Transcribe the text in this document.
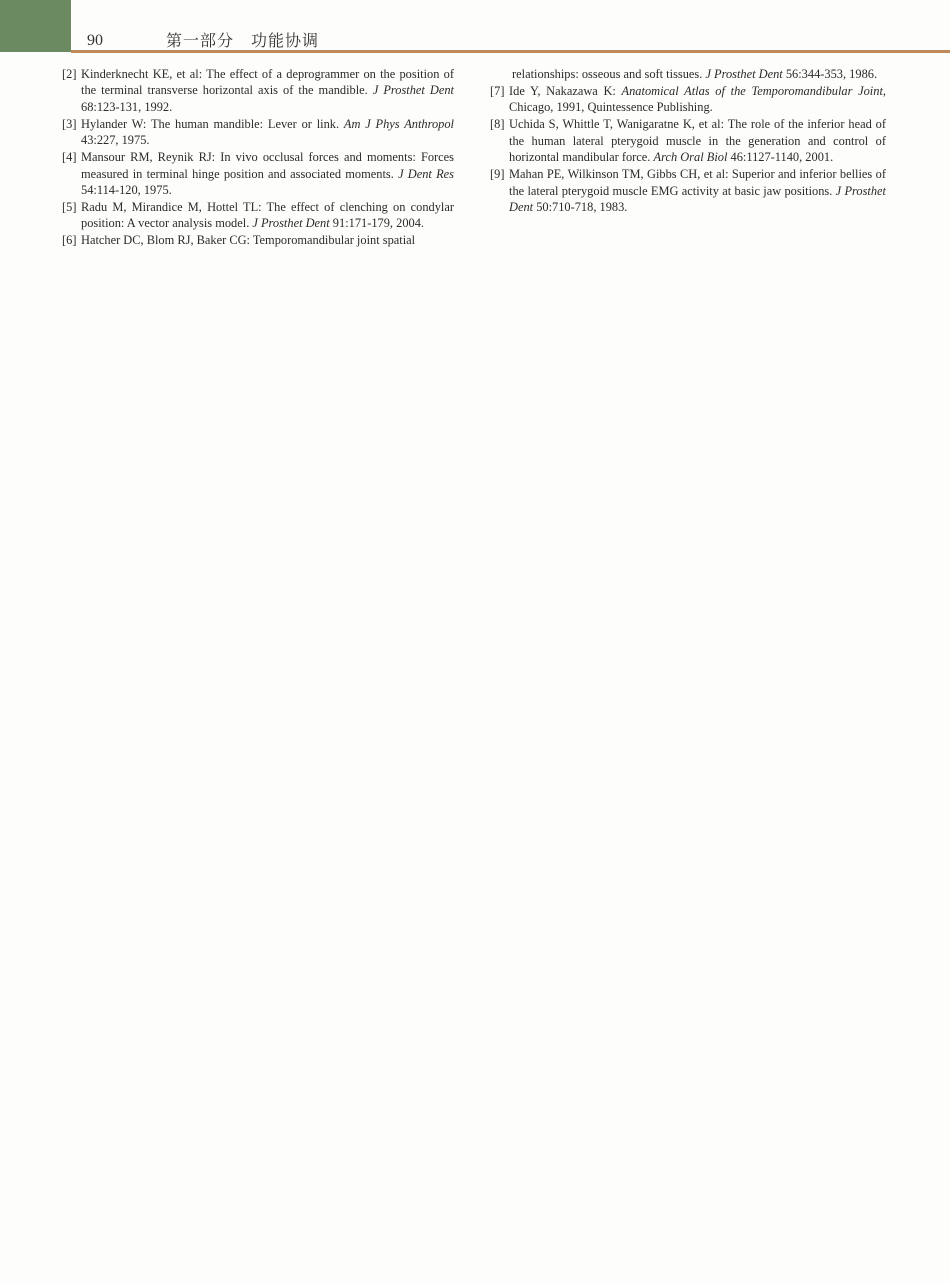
90	第一部分　功能协调
[2] Kinderknecht KE, et al: The effect of a deprogrammer on the position of the terminal transverse horizontal axis of the mandible. J Prosthet Dent 68:123-131, 1992.
[3] Hylander W: The human mandible: Lever or link. Am J Phys Anthropol 43:227, 1975.
[4] Mansour RM, Reynik RJ: In vivo occlusal forces and moments: Forces measured in terminal hinge position and associated moments. J Dent Res 54:114-120, 1975.
[5] Radu M, Mirandice M, Hottel TL: The effect of clenching on condylar position: A vector analysis model. J Prosthet Dent 91:171-179, 2004.
[6] Hatcher DC, Blom RJ, Baker CG: Temporomandibular joint spatial
relationships: osseous and soft tissues. J Prosthet Dent 56:344-353, 1986.
[7] Ide Y, Nakazawa K: Anatomical Atlas of the Temporomandibular Joint, Chicago, 1991, Quintessence Publishing.
[8] Uchida S, Whittle T, Wanigaratne K, et al: The role of the inferior head of the human lateral pterygoid muscle in the generation and control of horizontal mandibular force. Arch Oral Biol 46:1127-1140, 2001.
[9] Mahan PE, Wilkinson TM, Gibbs CH, et al: Superior and inferior bellies of the lateral pterygoid muscle EMG activity at basic jaw positions. J Prosthet Dent 50:710-718, 1983.
